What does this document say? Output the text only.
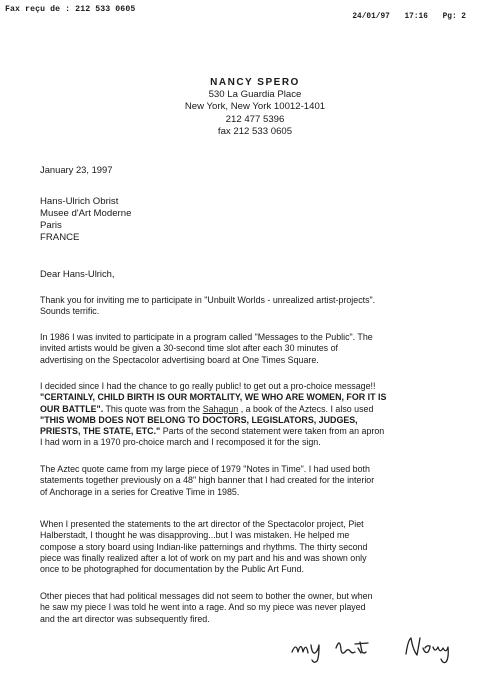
Fax reçu de : 212 533 0605
24/01/97 17:16 Pg: 2
NANCY SPERO
530 La Guardia Place
New York, New York 10012-1401
212 477 5396
fax 212 533 0605
January 23, 1997
Hans-Ulrich Obrist
Musee d'Art Moderne
Paris
FRANCE
Dear Hans-Ulrich,
Thank you for inviting me to participate in "Unbuilt Worlds - unrealized artist-projects".
Sounds terrific.
In 1986 I was invited to participate in a program called "Messages to the Public". The
invited artists would be given a 30-second time slot after each 30 minutes of
advertising on the Spectacolor advertising board at One Times Square.
I decided since I had the chance to go really public! to get out a pro-choice message!!
"CERTAINLY, CHILD BIRTH IS OUR MORTALITY, WE WHO ARE WOMEN, FOR IT IS
OUR BATTLE". This quote was from the Sahagun , a book of the Aztecs. I also used
"THIS WOMB DOES NOT BELONG TO DOCTORS, LEGISLATORS, JUDGES,
PRIESTS, THE STATE, ETC." Parts of the second statement were taken from an apron
I had worn in a 1970 pro-choice march and I recomposed it for the sign.
The Aztec quote came from my large piece of 1979 "Notes in Time". I had used both
statements together previously on a 48" high banner that I had created for the interior
of Anchorage in a series for Creative Time in 1985.
When I presented the statements to the art director of the Spectacolor project, Piet
Halberstadt, I thought he was disapproving...but I was mistaken. He helped me
compose a story board using Indian-like patternings and rhythms. The thirty second
piece was finally realized after a lot of work on my part and his and was shown only
once to be photographed for documentation by the Public Art Fund.
Other pieces that had political messages did not seem to bother the owner, but when
he saw my piece I was told he went into a rage. And so my piece was never played
and the art director was subsequently fired.
